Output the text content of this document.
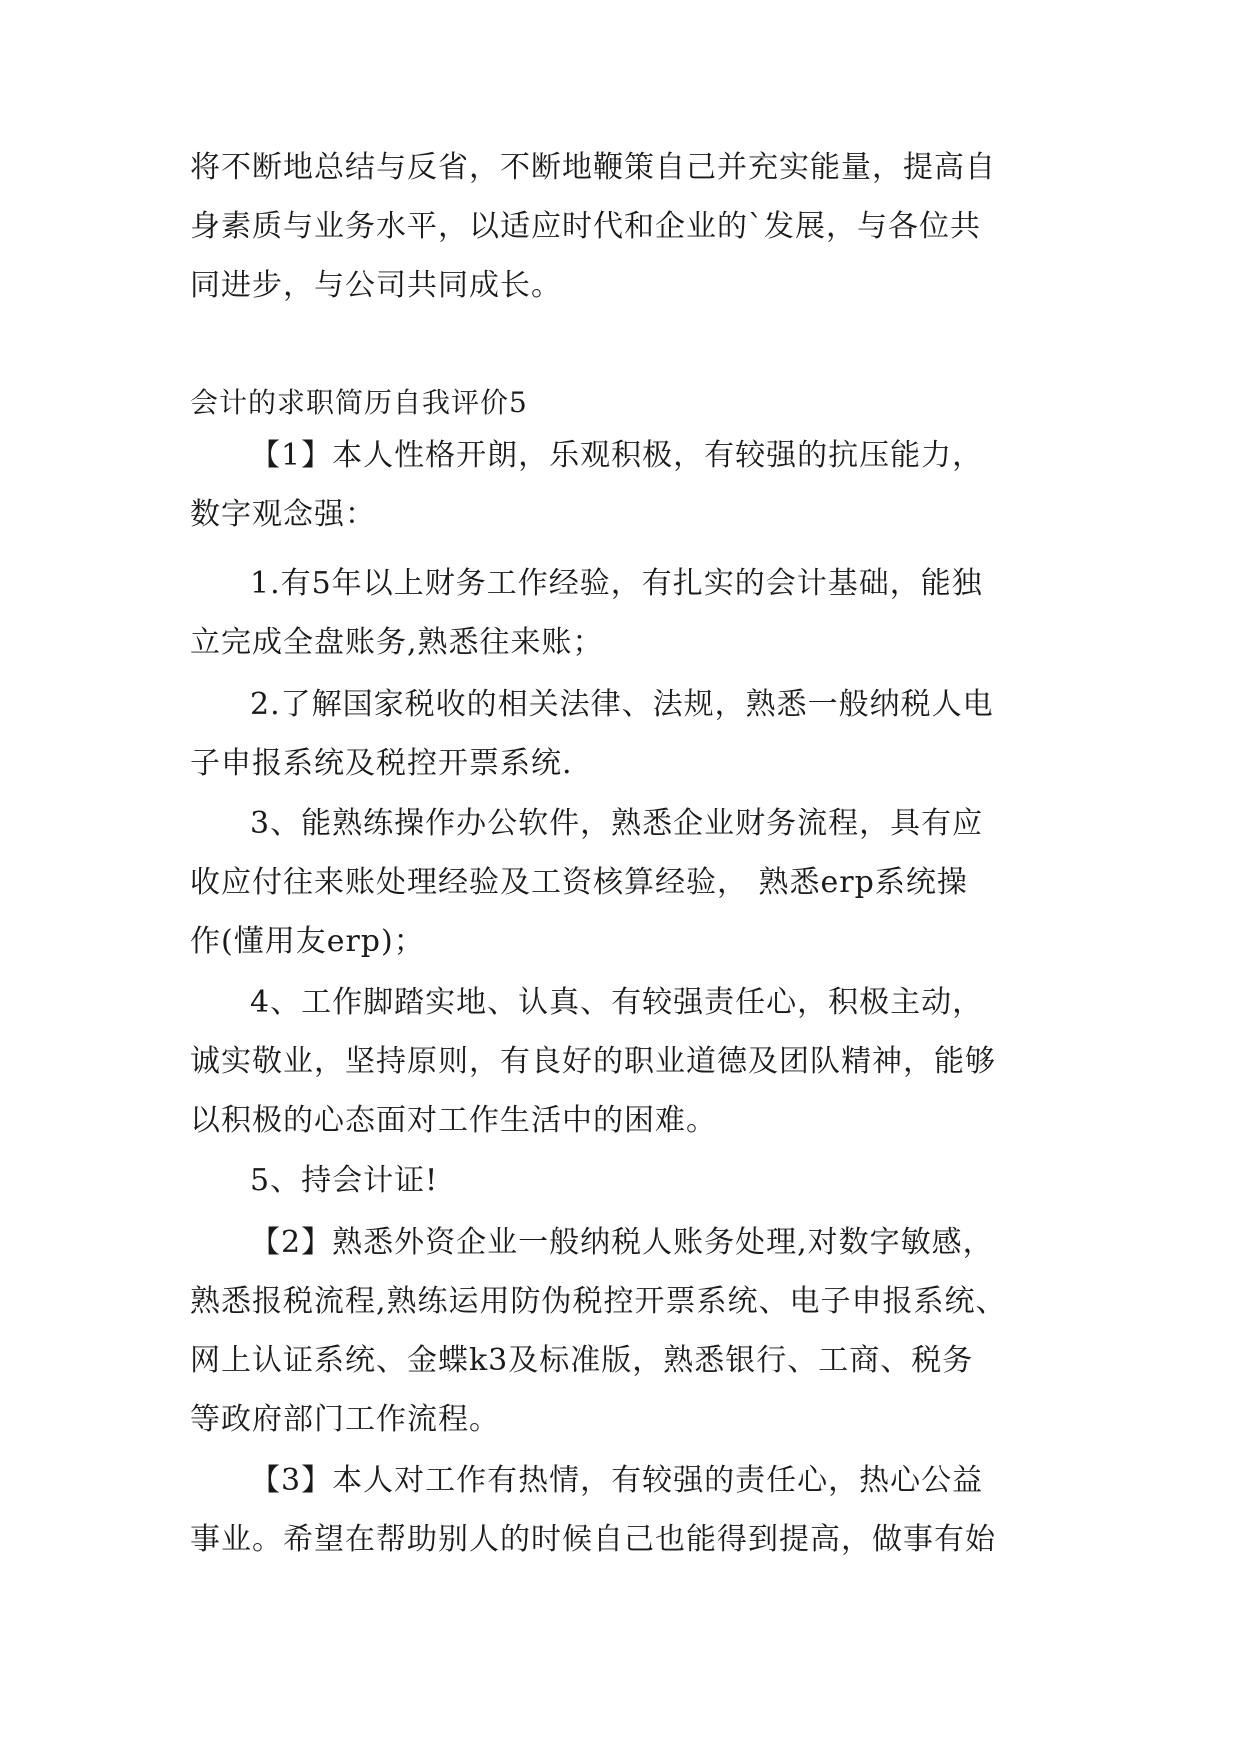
将不断地总结与反省，不断地鞭策自己并充实能量，提高自
身素质与业务水平，以适应时代和企业的`发展，与各位共
同进步，与公司共同成长。
会计的求职简历自我评价5
【1】本人性格开朗，乐观积极，有较强的抗压能力，
数字观念强：
1.有5年以上财务工作经验，有扎实的会计基础，能独
立完成全盘账务,熟悉往来账；
2.了解国家税收的相关法律、法规，熟悉一般纳税人电
子申报系统及税控开票系统.
3、能熟练操作办公软件，熟悉企业财务流程，具有应
收应付往来账处理经验及工资核算经验， 熟悉erp系统操
作(懂用友erp)；
4、工作脚踏实地、认真、有较强责任心，积极主动，
诚实敬业，坚持原则，有良好的职业道德及团队精神，能够
以积极的心态面对工作生活中的困难。
5、持会计证!
【2】熟悉外资企业一般纳税人账务处理,对数字敏感，
熟悉报税流程,熟练运用防伪税控开票系统、电子申报系统、
网上认证系统、金蝶k3及标准版，熟悉银行、工商、税务
等政府部门工作流程。
【3】本人对工作有热情，有较强的责任心，热心公益
事业。希望在帮助别人的时候自己也能得到提高，做事有始
